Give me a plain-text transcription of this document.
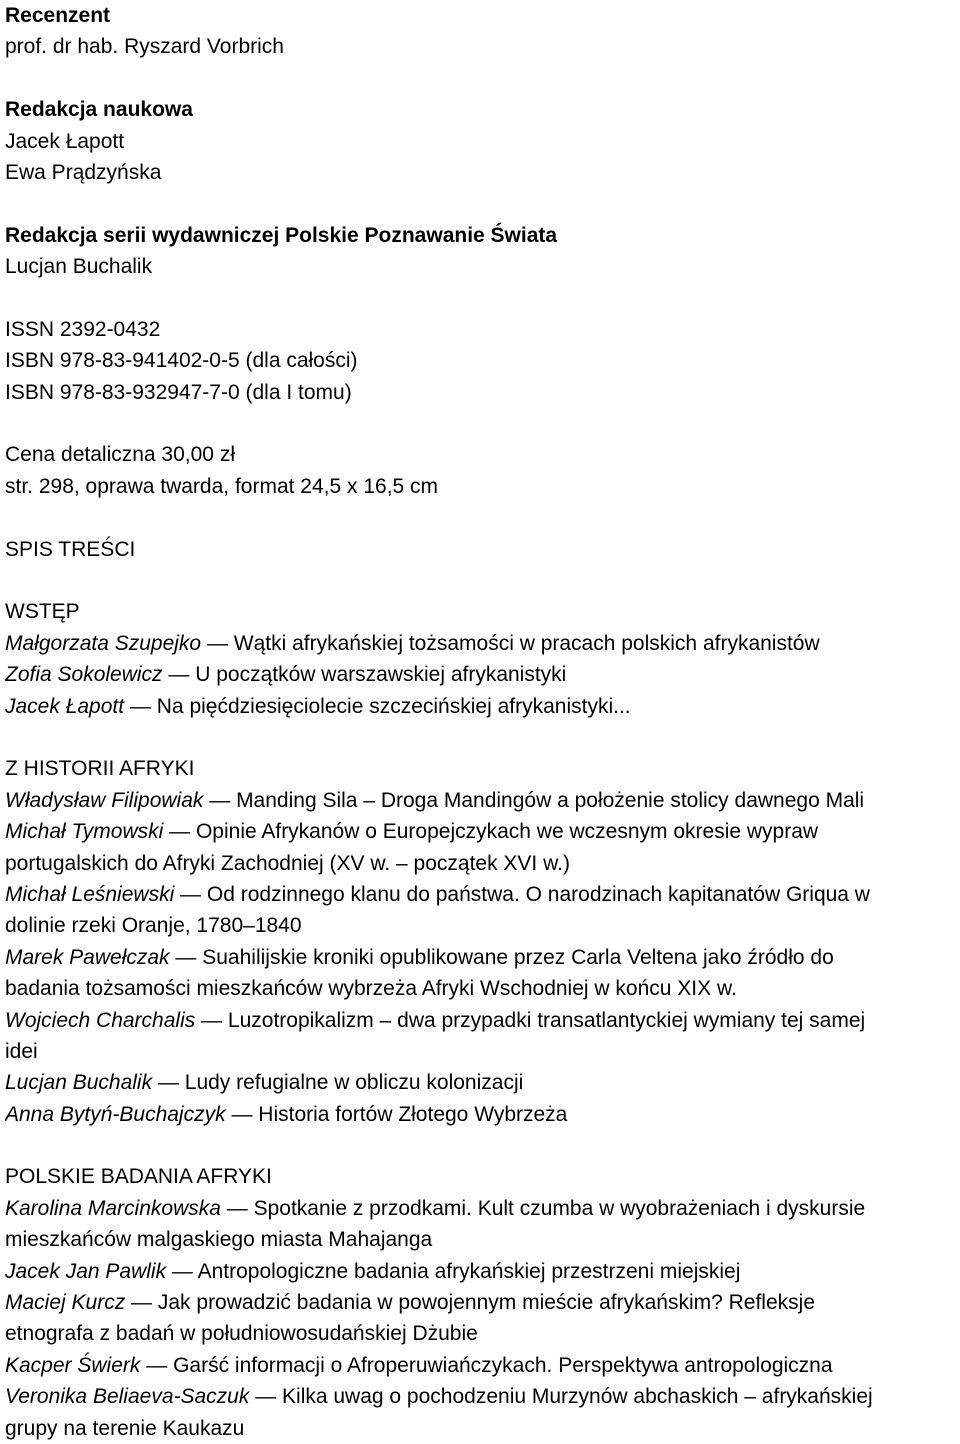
Recenzent
prof. dr hab. Ryszard Vorbrich
Redakcja naukowa
Jacek Łapott
Ewa Prądzyńska
Redakcja serii wydawniczej Polskie Poznawanie Świata
Lucjan Buchalik
ISSN 2392-0432
ISBN 978-83-941402-0-5 (dla całości)
ISBN 978-83-932947-7-0 (dla I tomu)
Cena detaliczna 30,00 zł
str. 298, oprawa twarda, format 24,5 x 16,5 cm
SPIS TREŚCI
WSTĘP
Małgorzata Szupejko — Wątki afrykańskiej tożsamości w pracach polskich afrykanistów
Zofia Sokolewicz — U początków warszawskiej afrykanistyki
Jacek Łapott — Na pięćdziesięciolecie szczecińskiej afrykanistyki...
Z HISTORII AFRYKI
Władysław Filipowiak — Manding Sila – Droga Mandingów a położenie stolicy dawnego Mali
Michał Tymowski — Opinie Afrykanów o Europejczykach we wczesnym okresie wypraw
portugalskich do Afryki Zachodniej (XV w. – początek XVI w.)
Michał Leśniewski — Od rodzinnego klanu do państwa. O narodzinach kapitanatów Griqua w
dolinie rzeki Oranje, 1780–1840
Marek Pawełczak — Suahilijskie kroniki opublikowane przez Carla Veltena jako źródło do
badania tożsamości mieszkańców wybrzeża Afryki Wschodniej w końcu XIX w.
Wojciech Charchalis — Luzotropikalizm – dwa przypadki transatlantyckiej wymiany tej samej
idei
Lucjan Buchalik — Ludy refugialne w obliczu kolonizacji
Anna Bytyń-Buchajczyk — Historia fortów Złotego Wybrzeża
POLSKIE BADANIA AFRYKI
Karolina Marcinkowska — Spotkanie z przodkami. Kult czumba w wyobrażeniach i dyskursie
mieszkańców malgaskiego miasta Mahajanga
Jacek Jan Pawlik — Antropologiczne badania afrykańskiej przestrzeni miejskiej
Maciej Kurcz — Jak prowadzić badania w powojennym mieście afrykańskim? Refleksje
etnografa z badań w południowosudańskiej Dżubie
Kacper Świerk — Garść informacji o Afroperuwiańczykach. Perspektywa antropologiczna
Veronika Beliaeva-Saczuk — Kilka uwag o pochodzeniu Murzynów abchaskich – afrykańskiej
grupy na terenie Kaukazu
